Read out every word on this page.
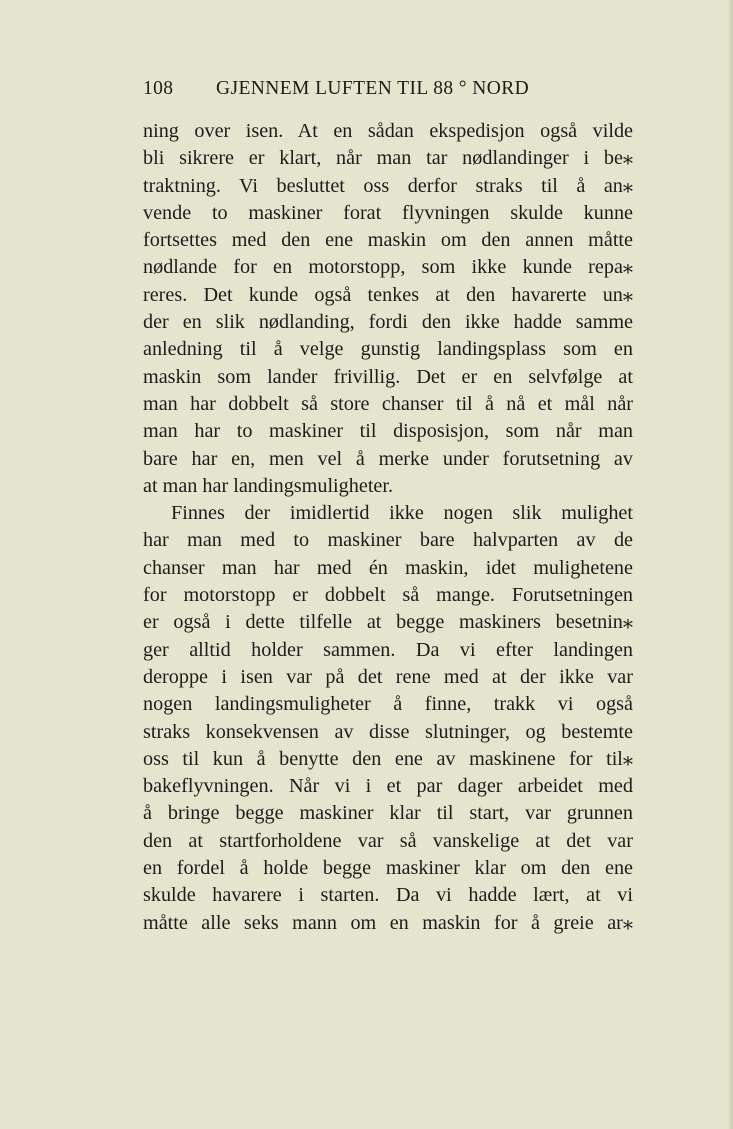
108 GJENNEM LUFTEN TIL 88 ° NORD
ning over isen. At en sådan ekspedisjon også vilde
bli sikrere er klart, når man tar nødlandinger i be⁎
traktning. Vi besluttet oss derfor straks til å an⁎
vende to maskiner forat flyvningen skulde kunne
fortsettes med den ene maskin om den annen måtte
nødlande for en motorstopp, som ikke kunde repa⁎
reres. Det kunde også tenkes at den havarerte un⁎
der en slik nødlanding, fordi den ikke hadde samme
anledning til å velge gunstig landingsplass som en
maskin som lander frivillig. Det er en selvfølge at
man har dobbelt så store chanser til å nå et mål når
man har to maskiner til disposisjon, som når man
bare har en, men vel å merke under forutsetning av
at man har landingsmuligheter.
Finnes der imidlertid ikke nogen slik mulighet
har man med to maskiner bare halvparten av de
chanser man har med én maskin, idet mulighetene
for motorstopp er dobbelt så mange. Forutsetningen
er også i dette tilfelle at begge maskiners besetnin⁎
ger alltid holder sammen. Da vi efter landingen
deroppe i isen var på det rene med at der ikke var
nogen landingsmuligheter å finne, trakk vi også
straks konsekvensen av disse slutninger, og bestemte
oss til kun å benytte den ene av maskinene for til⁎
bakeflyvningen. Når vi i et par dager arbeidet med
å bringe begge maskiner klar til start, var grunnen
den at startforholdene var så vanskelige at det var
en fordel å holde begge maskiner klar om den ene
skulde havarere i starten. Da vi hadde lært, at vi
måtte alle seks mann om en maskin for å greie ar⁎
